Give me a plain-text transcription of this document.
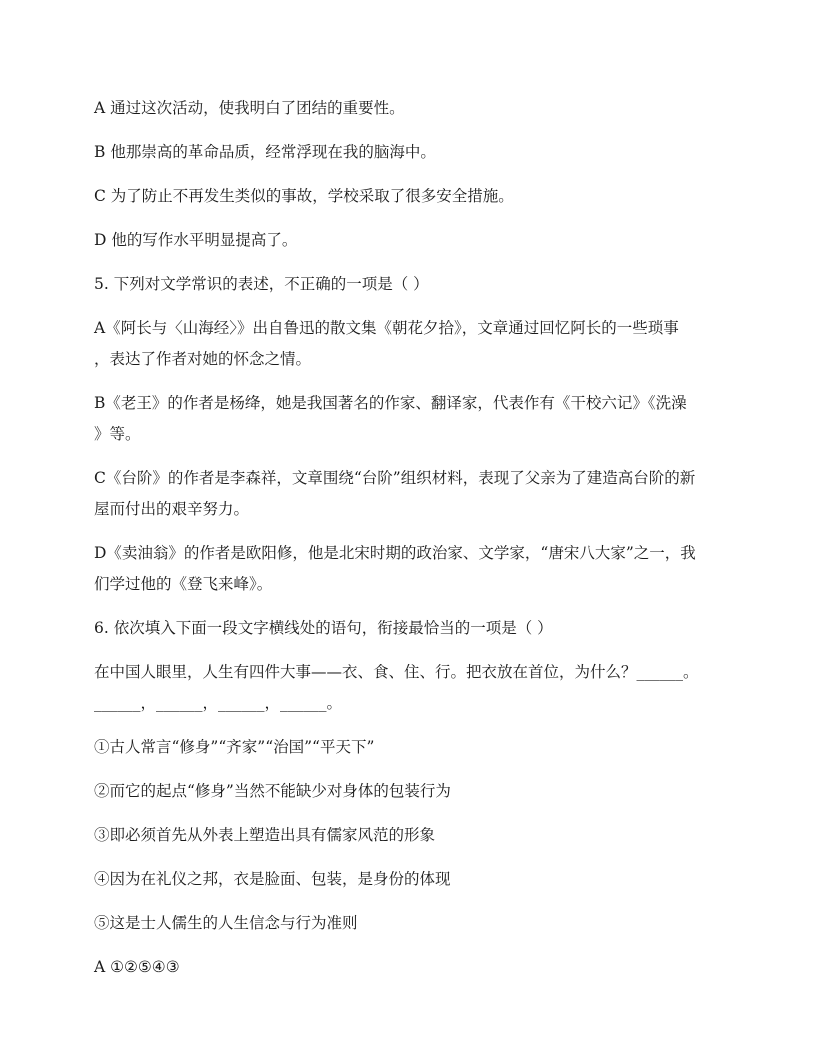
A 通过这次活动，使我明白了团结的重要性。

B 他那崇高的革命品质，经常浮现在我的脑海中。

C 为了防止不再发生类似的事故，学校采取了很多安全措施。

D 他的写作水平明显提高了。

5. 下列对文学常识的表述，不正确的一项是（ ）

A《阿长与〈山海经〉》出自鲁迅的散文集《朝花夕拾》，文章通过回忆阿长的一些琐事

，表达了作者对她的怀念之情。

B《老王》的作者是杨绛，她是我国著名的作家、翻译家，代表作有《干校六记》《洗澡

》等。

C《台阶》的作者是李森祥，文章围绕“台阶”组织材料，表现了父亲为了建造高台阶的新

屋而付出的艰辛努力。

D《卖油翁》的作者是欧阳修，他是北宋时期的政治家、文学家，“唐宋八大家”之一，我

们学过他的《登飞来峰》。

6. 依次填入下面一段文字横线处的语句，衔接最恰当的一项是（ ）

在中国人眼里，人生有四件大事——衣、食、住、行。把衣放在首位，为什么？______。

______，______，______，______。

①古人常言“修身”“齐家”“治国”“平天下”

②而它的起点“修身”当然不能缺少对身体的包装行为

③即必须首先从外表上塑造出具有儒家风范的形象

④因为在礼仪之邦，衣是脸面、包装，是身份的体现

⑤这是士人儒生的人生信念与行为准则

A ①②⑤④③
